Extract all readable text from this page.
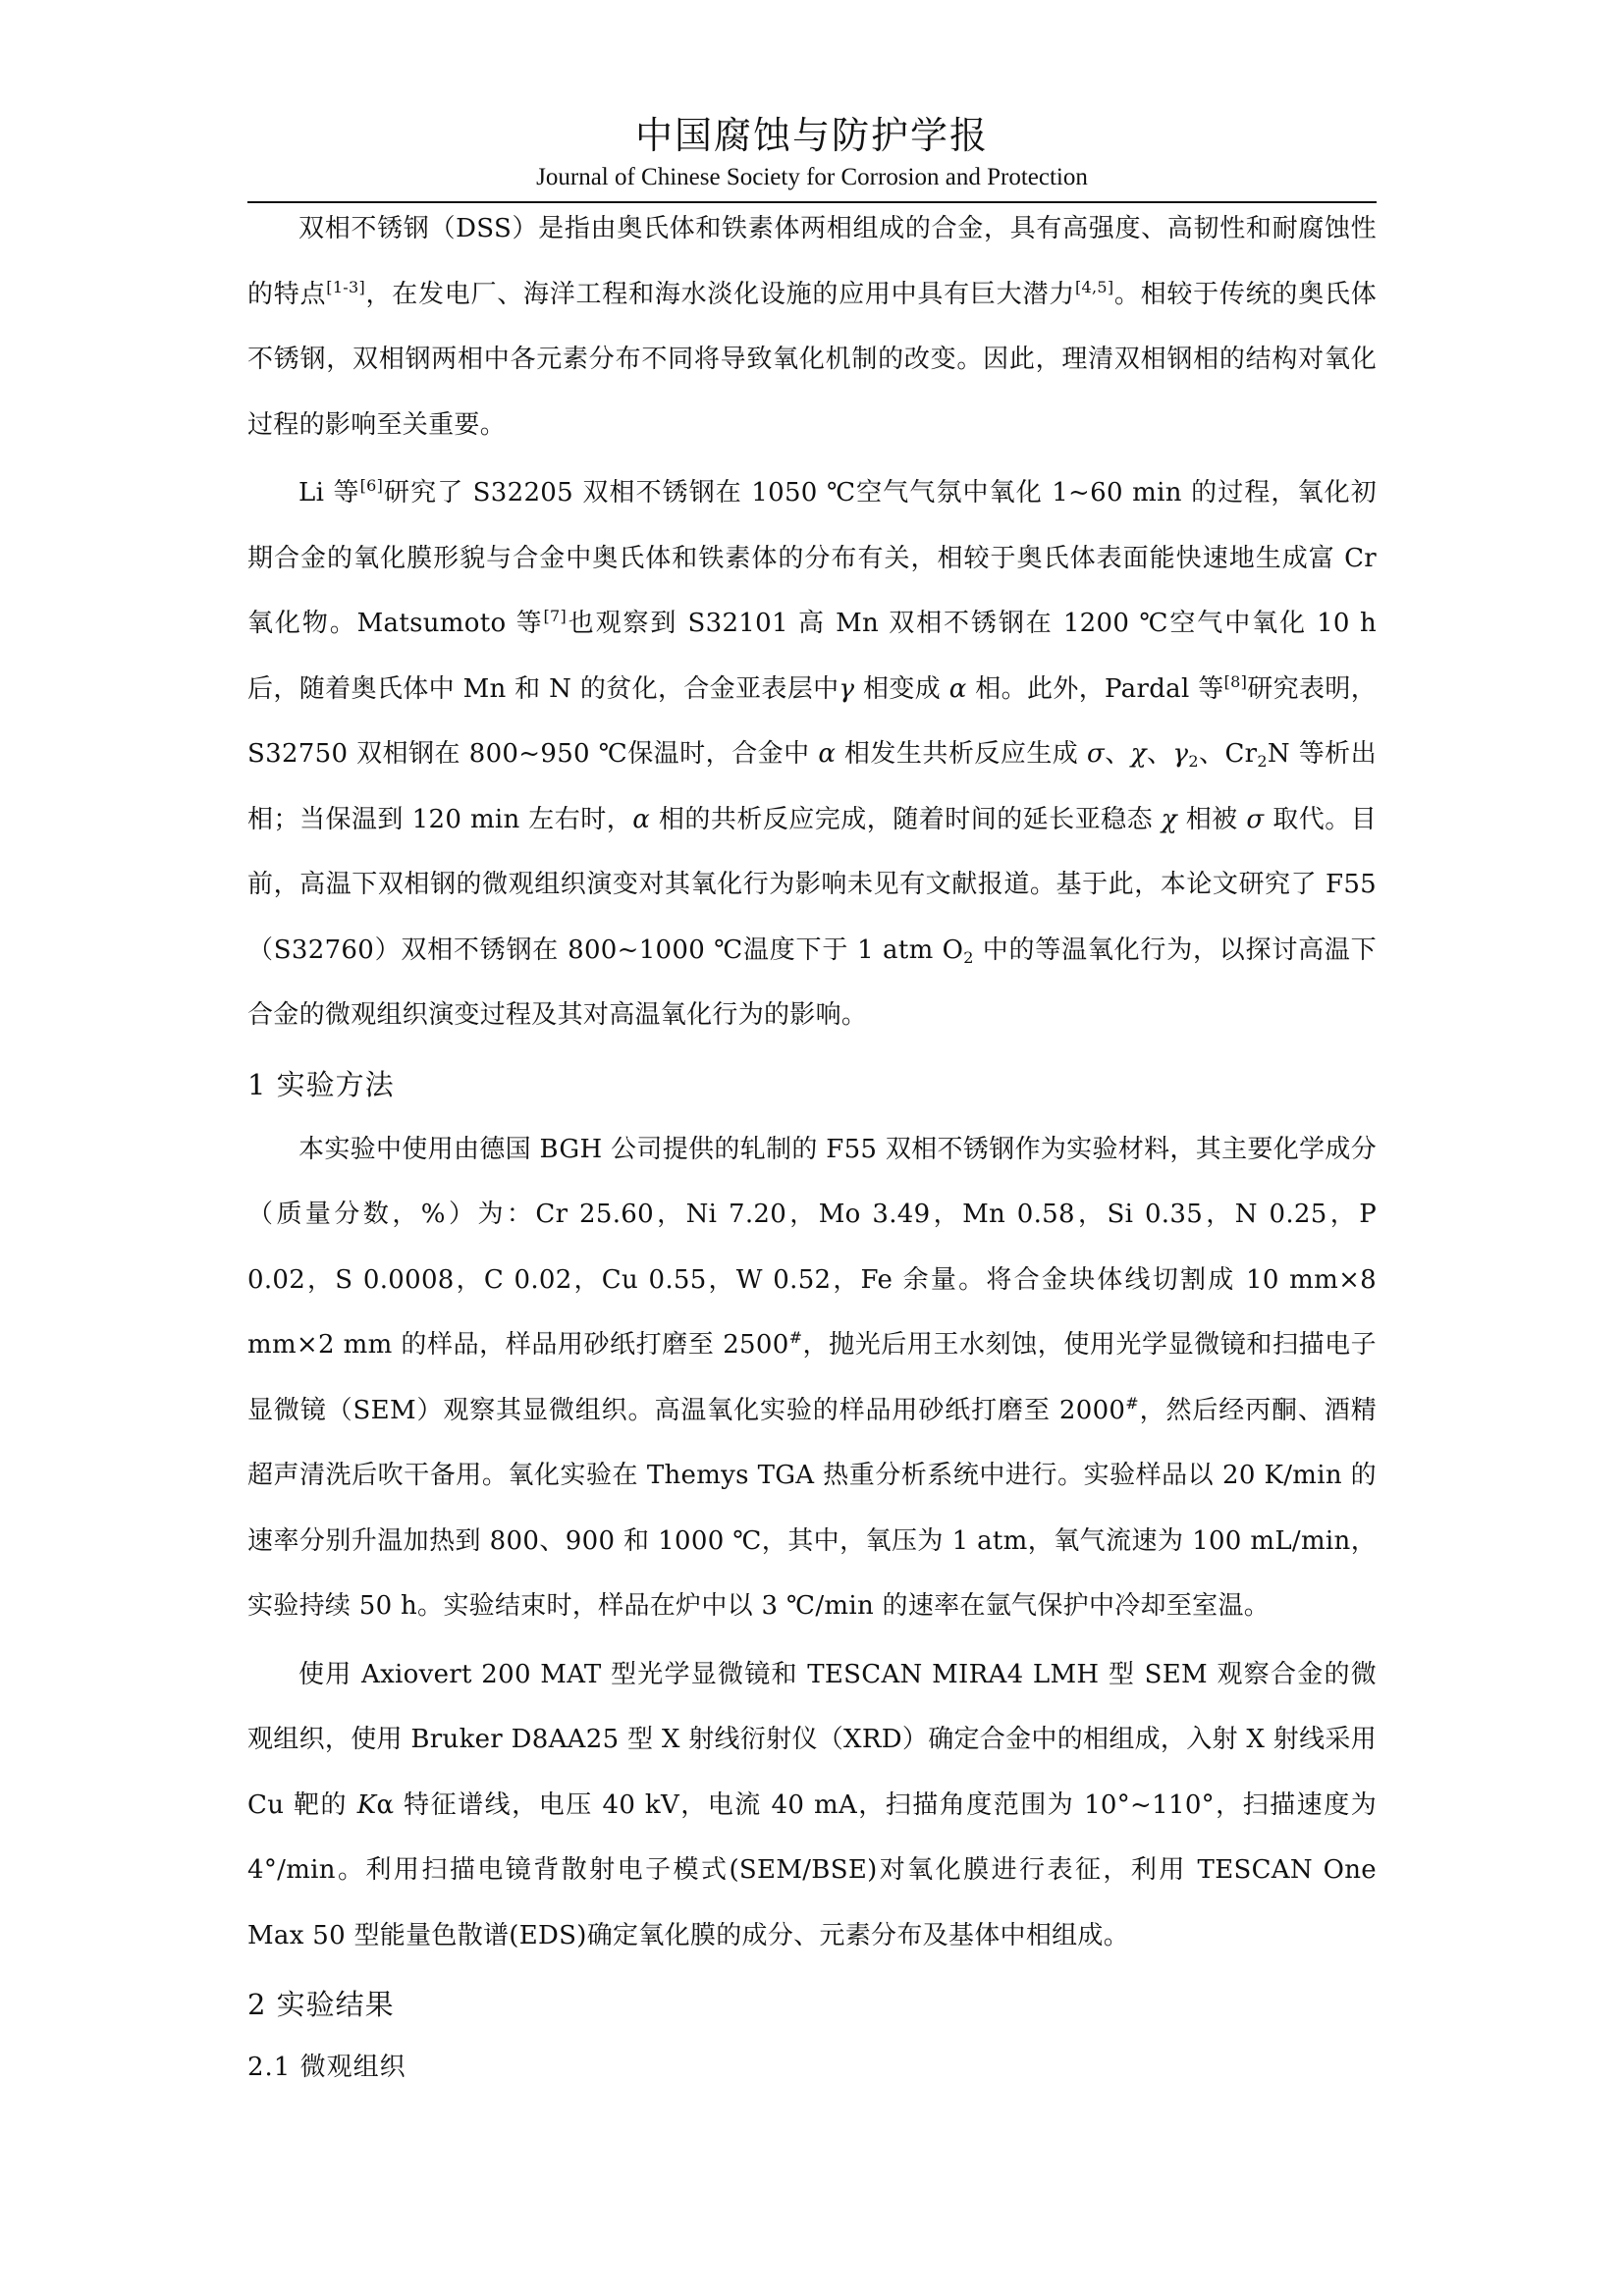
中国腐蚀与防护学报
Journal of Chinese Society for Corrosion and Protection

双相不锈钢（DSS）是指由奥氏体和铁素体两相组成的合金，具有高强度、高韧性和耐腐蚀性的特点[1-3]，在发电厂、海洋工程和海水淡化设施的应用中具有巨大潜力[4,5]。相较于传统的奥氏体不锈钢，双相钢两相中各元素分布不同将导致氧化机制的改变。因此，理清双相钢相的结构对氧化过程的影响至关重要。

Li 等[6]研究了 S32205 双相不锈钢在 1050 ℃空气气氛中氧化 1~60 min 的过程，氧化初期合金的氧化膜形貌与合金中奥氏体和铁素体的分布有关，相较于奥氏体表面能快速地生成富 Cr 氧化物。Matsumoto 等[7]也观察到 S32101 高 Mn 双相不锈钢在 1200 ℃空气中氧化 10 h 后，随着奥氏体中 Mn 和 N 的贫化，合金亚表层中γ 相变成 α 相。此外，Pardal 等[8]研究表明，S32750 双相钢在 800~950 ℃保温时，合金中 α 相发生共析反应生成 σ、χ、$\gamma_2$、$Cr_2N$ 等析出相；当保温到 120 min 左右时，α 相的共析反应完成，随着时间的延长亚稳态 χ 相被 σ 取代。目前，高温下双相钢的微观组织演变对其氧化行为影响未见有文献报道。基于此，本论文研究了 F55（S32760）双相不锈钢在 800~1000 ℃温度下于 1 atm $O_2$ 中的等温氧化行为，以探讨高温下合金的微观组织演变过程及其对高温氧化行为的影响。

1 实验方法

本实验中使用由德国 BGH 公司提供的轧制的 F55 双相不锈钢作为实验材料，其主要化学成分（质量分数，%）为：Cr 25.60，Ni 7.20，Mo 3.49，Mn 0.58，Si 0.35，N 0.25，P 0.02，S 0.0008，C 0.02，Cu 0.55，W 0.52，Fe 余量。将合金块体线切割成 10 mm×8 mm×2 mm 的样品，样品用砂纸打磨至 2500#，抛光后用王水刻蚀，使用光学显微镜和扫描电子显微镜（SEM）观察其显微组织。高温氧化实验的样品用砂纸打磨至 2000#，然后经丙酮、酒精超声清洗后吹干备用。氧化实验在 Themys TGA 热重分析系统中进行。实验样品以 20 K/min 的速率分别升温加热到 800、900 和 1000 ℃，其中，氧压为 1 atm，氧气流速为 100 mL/min，实验持续 50 h。实验结束时，样品在炉中以 3 ℃/min 的速率在氩气保护中冷却至室温。

使用 Axiovert 200 MAT 型光学显微镜和 TESCAN MIRA4 LMH 型 SEM 观察合金的微观组织，使用 Bruker D8AA25 型 X 射线衍射仪（XRD）确定合金中的相组成，入射 X 射线采用 Cu 靶的 Kα 特征谱线，电压 40 kV，电流 40 mA，扫描角度范围为 10°~110°，扫描速度为 4°/min。利用扫描电镜背散射电子模式(SEM/BSE)对氧化膜进行表征，利用 TESCAN One Max 50 型能量色散谱(EDS)确定氧化膜的成分、元素分布及基体中相组成。

2 实验结果
2.1 微观组织
